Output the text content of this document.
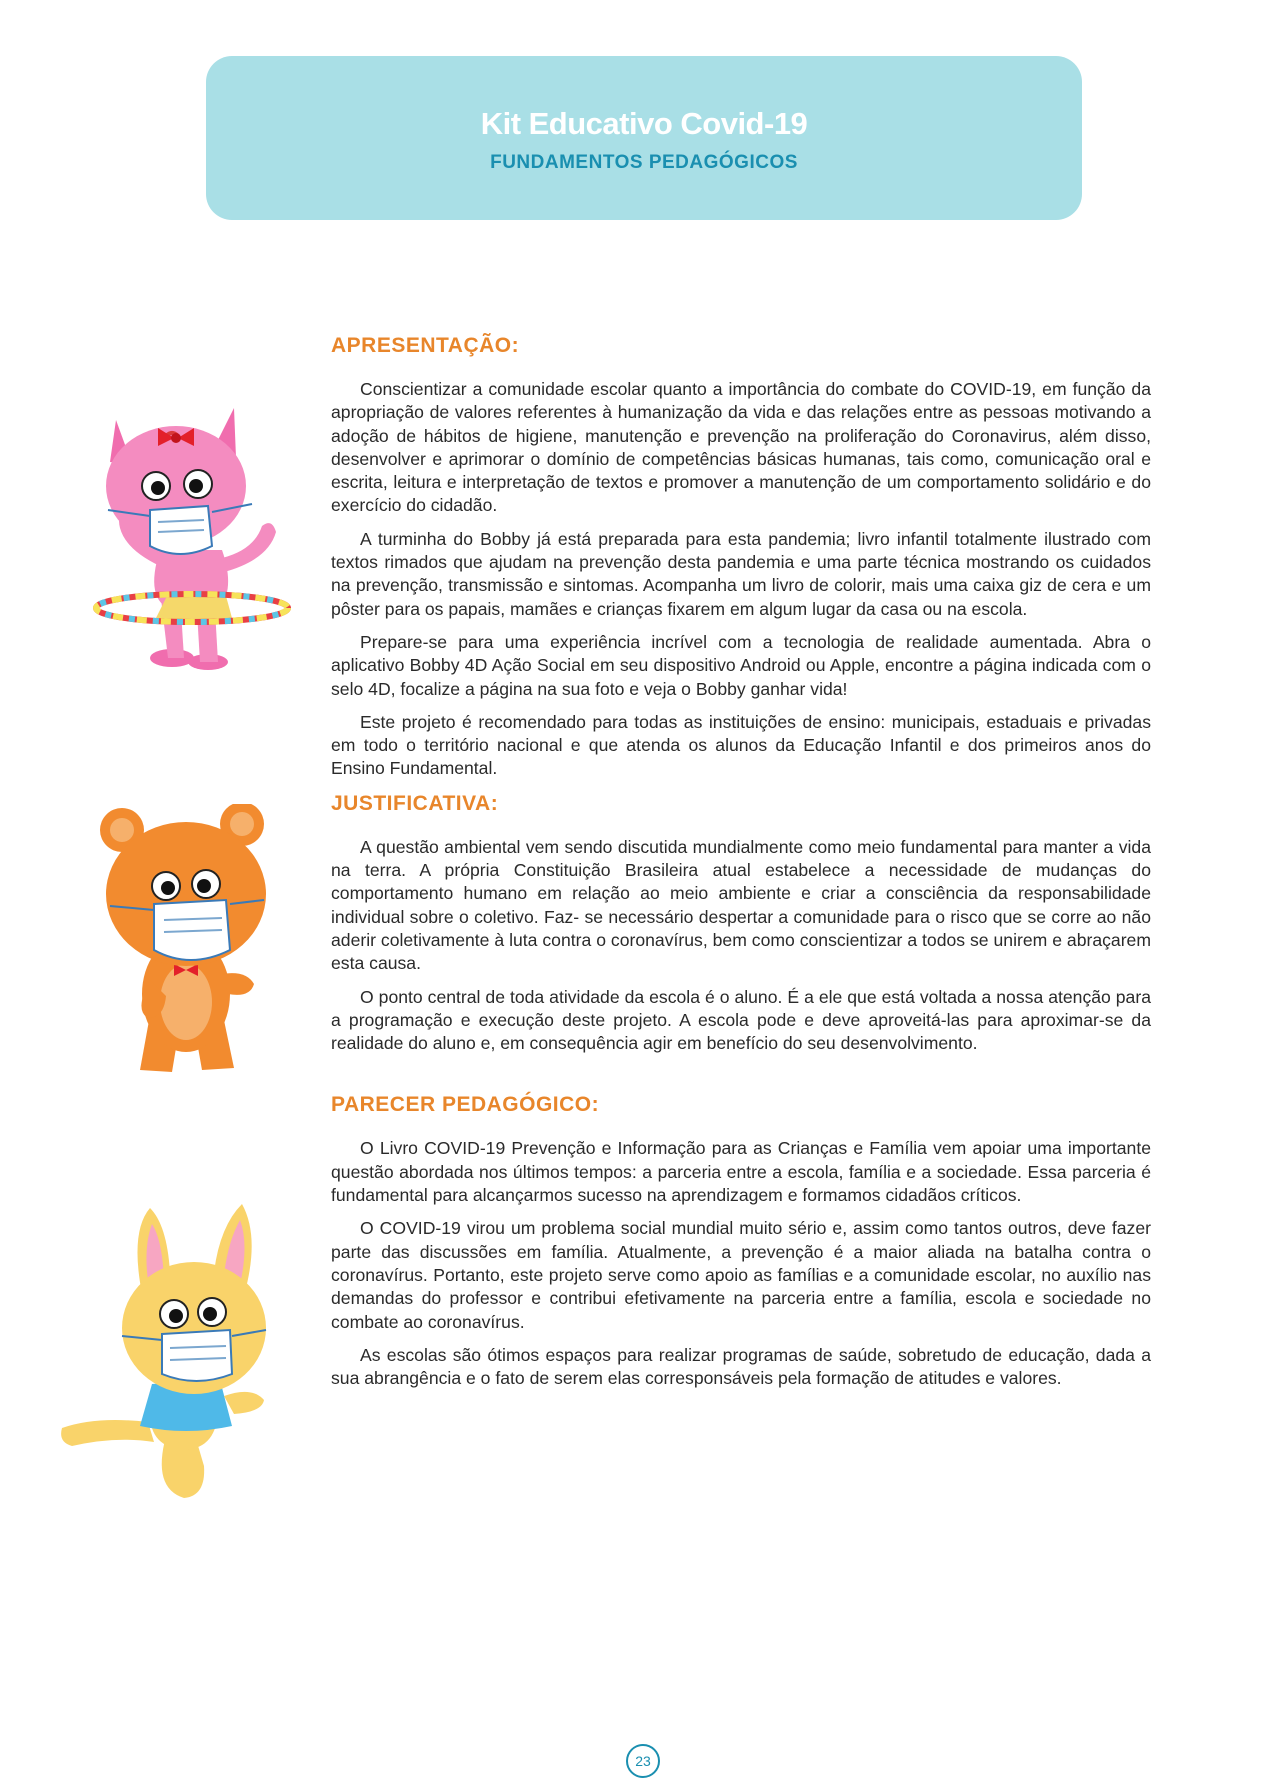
Kit Educativo Covid-19
FUNDAMENTOS PEDAGÓGICOS
APRESENTAÇÃO:

Conscientizar a comunidade escolar quanto a importância do combate do COVID-19, em função da apropriação de valores referentes à humanização da vida e das relações entre as pessoas motivando a adoção de hábitos de higiene, manutenção e prevenção na proliferação do Coronavirus, além disso, desenvolver e aprimorar o domínio de competências básicas humanas, tais como, comunicação oral e escrita, leitura e interpretação de textos e promover a manutenção de um comportamento solidário e do exercício do cidadão.

A turminha do Bobby já está preparada para esta pandemia; livro infantil totalmente ilustrado com textos rimados que ajudam na prevenção desta pandemia e uma parte técnica mostrando os cuidados na prevenção, transmissão e sintomas. Acompanha um livro de colorir, mais uma caixa giz de cera e um pôster para os papais, mamães e crianças fixarem em algum lugar da casa ou na escola.

Prepare-se para uma experiência incrível com a tecnologia de realidade aumentada. Abra o aplicativo Bobby 4D Ação Social em seu dispositivo Android ou Apple, encontre a página indicada com o selo 4D, focalize a página na sua foto e veja o Bobby ganhar vida!

Este projeto é recomendado para todas as instituições de ensino: municipais, estaduais e privadas em todo o território nacional e que atenda os alunos da Educação Infantil e dos primeiros anos do Ensino Fundamental.

JUSTIFICATIVA:

A questão ambiental vem sendo discutida mundialmente como meio fundamental para manter a vida na terra. A própria Constituição Brasileira atual estabelece a necessidade de mudanças do comportamento humano em relação ao meio ambiente e criar a consciência da responsabilidade individual sobre o coletivo. Faz- se necessário despertar a comunidade para o risco que se corre ao não aderir coletivamente à luta contra o coronavírus, bem como conscientizar a todos se unirem e abraçarem esta causa.

O ponto central de toda atividade da escola é o aluno. É a ele que está voltada a nossa atenção para a programação e execução deste projeto. A escola pode e deve aproveitá-las para aproximar-se da realidade do aluno e, em consequência agir em benefício do seu desenvolvimento.

PARECER PEDAGÓGICO:

O Livro COVID-19 Prevenção e Informação para as Crianças e Família vem apoiar uma importante questão abordada nos últimos tempos: a parceria entre a escola, família e a sociedade. Essa parceria é fundamental para alcançarmos sucesso na aprendizagem e formamos cidadãos críticos.

O COVID-19 virou um problema social mundial muito sério e, assim como tantos outros, deve fazer parte das discussões em família. Atualmente, a prevenção é a maior aliada na batalha contra o coronavírus. Portanto, este projeto serve como apoio as famílias e a comunidade escolar, no auxílio nas demandas do professor e contribui efetivamente na parceria entre a família, escola e sociedade no combate ao coronavírus.

As escolas são ótimos espaços para realizar programas de saúde, sobretudo de educação, dada a sua abrangência e o fato de serem elas corresponsáveis pela formação de atitudes e valores.

23
